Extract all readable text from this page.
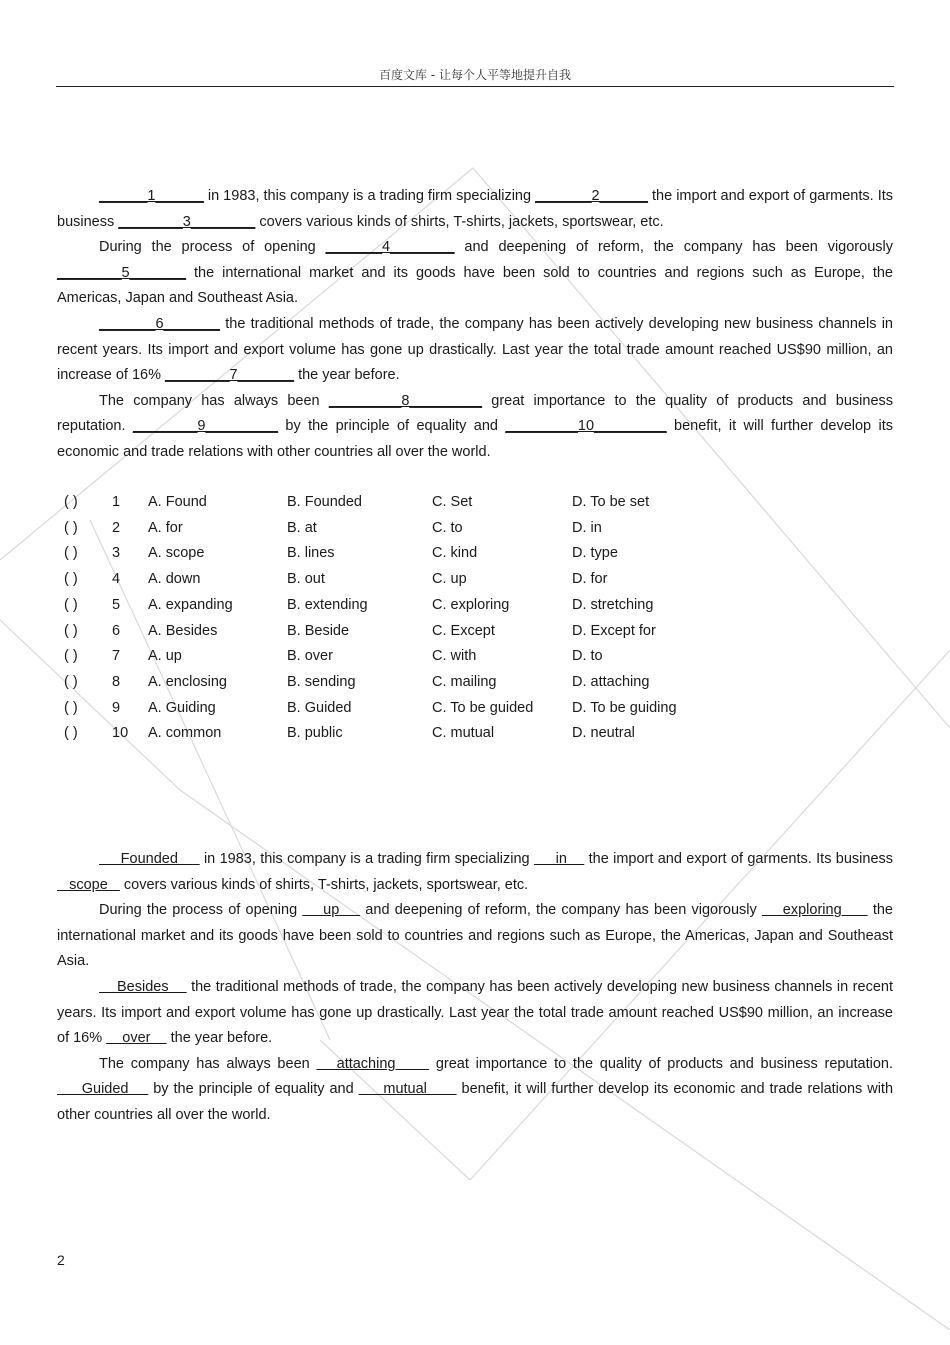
百度文库 - 让每个人平等地提升自我

______1______ in 1983, this company is a trading firm specializing _______2______ the import and export of garments. Its business ________3________ covers various kinds of shirts, T-shirts, jackets, sportswear, etc.

During the process of opening _______4________ and deepening of reform, the company has been vigorously ________5_______ the international market and its goods have been sold to countries and regions such as Europe, the Americas, Japan and Southeast Asia.

_______6_______ the traditional methods of trade, the company has been actively developing new business channels in recent years. Its import and export volume has gone up drastically. Last year the total trade amount reached US$90 million, an increase of 16% ________7_______ the year before.

The company has always been _________8_________ great importance to the quality of products and business reputation. ________9_________ by the principle of equality and _________10_________ benefit, it will further develop its economic and trade relations with other countries all over the world.

( )	1	A. Found	B. Founded	C. Set	D. To be set
( )	2	A. for	B. at	C. to	D. in
( )	3	A. scope	B. lines	C. kind	D. type
( )	4	A. down	B. out	C. up	D. for
( )	5	A. expanding	B. extending	C. exploring	D. stretching
( )	6	A. Besides	B. Beside	C. Except	D. Except for
( )	7	A. up	B. over	C. with	D. to
( )	8	A. enclosing	B. sending	C. mailing	D. attaching
( )	9	A. Guiding	B. Guided	C. To be guided	D. To be guiding
( )	10	A. common	B. public	C. mutual	D. neutral

Founded      in 1983, this company is a trading firm specializing      in     the import and export of garments. Its business    scope    covers various kinds of shirts, T-shirts, jackets, sportswear, etc.

During the process of opening     up     and deepening of reform, the company has been vigorously     exploring      the international market and its goods have been sold to countries and regions such as Europe, the Americas, Japan and Southeast Asia.

Besides     the traditional methods of trade, the company has been actively developing new business channels in recent years. Its import and export volume has gone up drastically. Last year the total trade amount reached US$90 million, an increase of 16%     over     the year before.

The company has always been    attaching      great importance to the quality of products and business reputation.      Guided     by the principle of equality and      mutual       benefit, it will further develop its economic and trade relations with other countries all over the world.

2
